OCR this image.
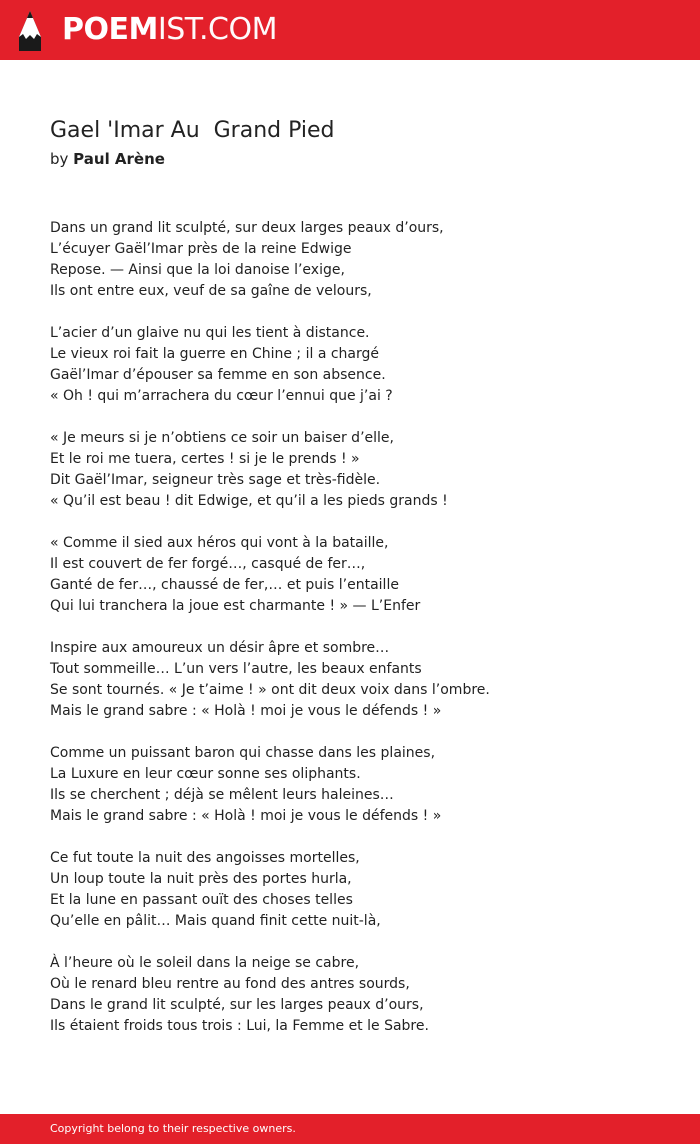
POEMIST.COM
Gael 'Imar Au  Grand Pied
by Paul Arène
Dans un grand lit sculpté, sur deux larges peaux d’ours,
L’écuyer Gaël’Imar près de la reine Edwige
Repose. — Ainsi que la loi danoise l’exige,
Ils ont entre eux, veuf de sa gaîne de velours,
L’acier d’un glaive nu qui les tient à distance.
Le vieux roi fait la guerre en Chine ; il a chargé
Gaël’Imar d’épouser sa femme en son absence.
« Oh ! qui m’arrachera du cœur l’ennui que j’ai ?
« Je meurs si je n’obtiens ce soir un baiser d’elle,
Et le roi me tuera, certes ! si je le prends ! »
Dit Gaël’Imar, seigneur très sage et très-fidèle.
« Qu’il est beau ! dit Edwige, et qu’il a les pieds grands !
« Comme il sied aux héros qui vont à la bataille,
Il est couvert de fer forgé…, casqué de fer…,
Ganté de fer…, chaussé de fer,… et puis l’entaille
Qui lui tranchera la joue est charmante ! » — L’Enfer
Inspire aux amoureux un désir âpre et sombre…
Tout sommeille… L’un vers l’autre, les beaux enfants
Se sont tournés. « Je t’aime ! » ont dit deux voix dans l’ombre.
Mais le grand sabre : « Holà ! moi je vous le défends ! »
Comme un puissant baron qui chasse dans les plaines,
La Luxure en leur cœur sonne ses oliphants.
Ils se cherchent ; déjà se mêlent leurs haleines…
Mais le grand sabre : « Holà ! moi je vous le défends ! »
Ce fut toute la nuit des angoisses mortelles,
Un loup toute la nuit près des portes hurla,
Et la lune en passant ouït des choses telles
Qu’elle en pâlit… Mais quand finit cette nuit-là,
À l’heure où le soleil dans la neige se cabre,
Où le renard bleu rentre au fond des antres sourds,
Dans le grand lit sculpté, sur les larges peaux d’ours,
Ils étaient froids tous trois : Lui, la Femme et le Sabre.
Copyright belong to their respective owners.
